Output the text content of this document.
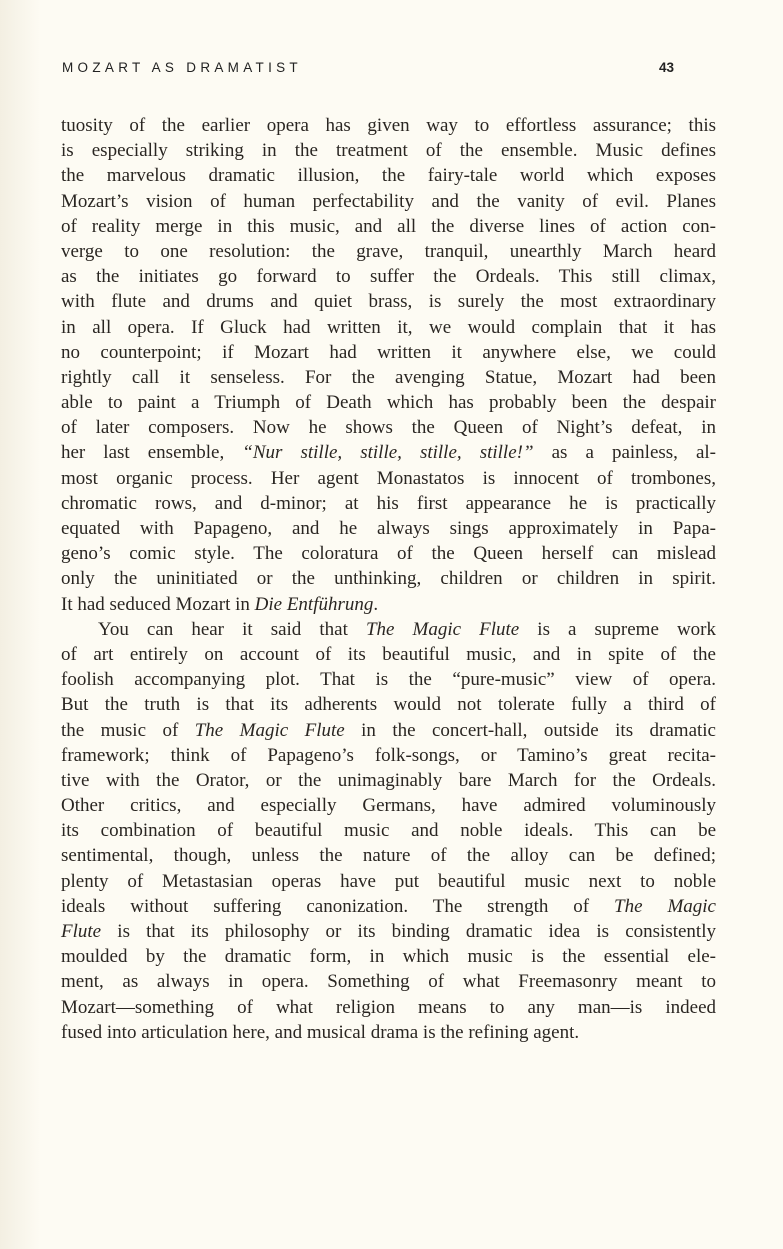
MOZART AS DRAMATIST	43
tuosity of the earlier opera has given way to effortless assurance; this
is especially striking in the treatment of the ensemble. Music defines
the marvelous dramatic illusion, the fairy-tale world which exposes
Mozart’s vision of human perfectability and the vanity of evil. Planes
of reality merge in this music, and all the diverse lines of action con-
verge to one resolution: the grave, tranquil, unearthly March heard
as the initiates go forward to suffer the Ordeals. This still climax,
with flute and drums and quiet brass, is surely the most extraordinary
in all opera. If Gluck had written it, we would complain that it has
no counterpoint; if Mozart had written it anywhere else, we could
rightly call it senseless. For the avenging Statue, Mozart had been
able to paint a Triumph of Death which has probably been the despair
of later composers. Now he shows the Queen of Night’s defeat, in
her last ensemble, “Nur stille, stille, stille, stille!” as a painless, al-
most organic process. Her agent Monastatos is innocent of trombones,
chromatic rows, and d-minor; at his first appearance he is practically
equated with Papageno, and he always sings approximately in Papa-
geno’s comic style. The coloratura of the Queen herself can mislead
only the uninitiated or the unthinking, children or children in spirit.
It had seduced Mozart in Die Entführung.
You can hear it said that The Magic Flute is a supreme work
of art entirely on account of its beautiful music, and in spite of the
foolish accompanying plot. That is the “pure-music” view of opera.
But the truth is that its adherents would not tolerate fully a third of
the music of The Magic Flute in the concert-hall, outside its dramatic
framework; think of Papageno’s folk-songs, or Tamino’s great recita-
tive with the Orator, or the unimaginably bare March for the Ordeals.
Other critics, and especially Germans, have admired voluminously
its combination of beautiful music and noble ideals. This can be
sentimental, though, unless the nature of the alloy can be defined;
plenty of Metastasian operas have put beautiful music next to noble
ideals without suffering canonization. The strength of The Magic
Flute is that its philosophy or its binding dramatic idea is consistently
moulded by the dramatic form, in which music is the essential ele-
ment, as always in opera. Something of what Freemasonry meant to
Mozart—something of what religion means to any man—is indeed
fused into articulation here, and musical drama is the refining agent.
